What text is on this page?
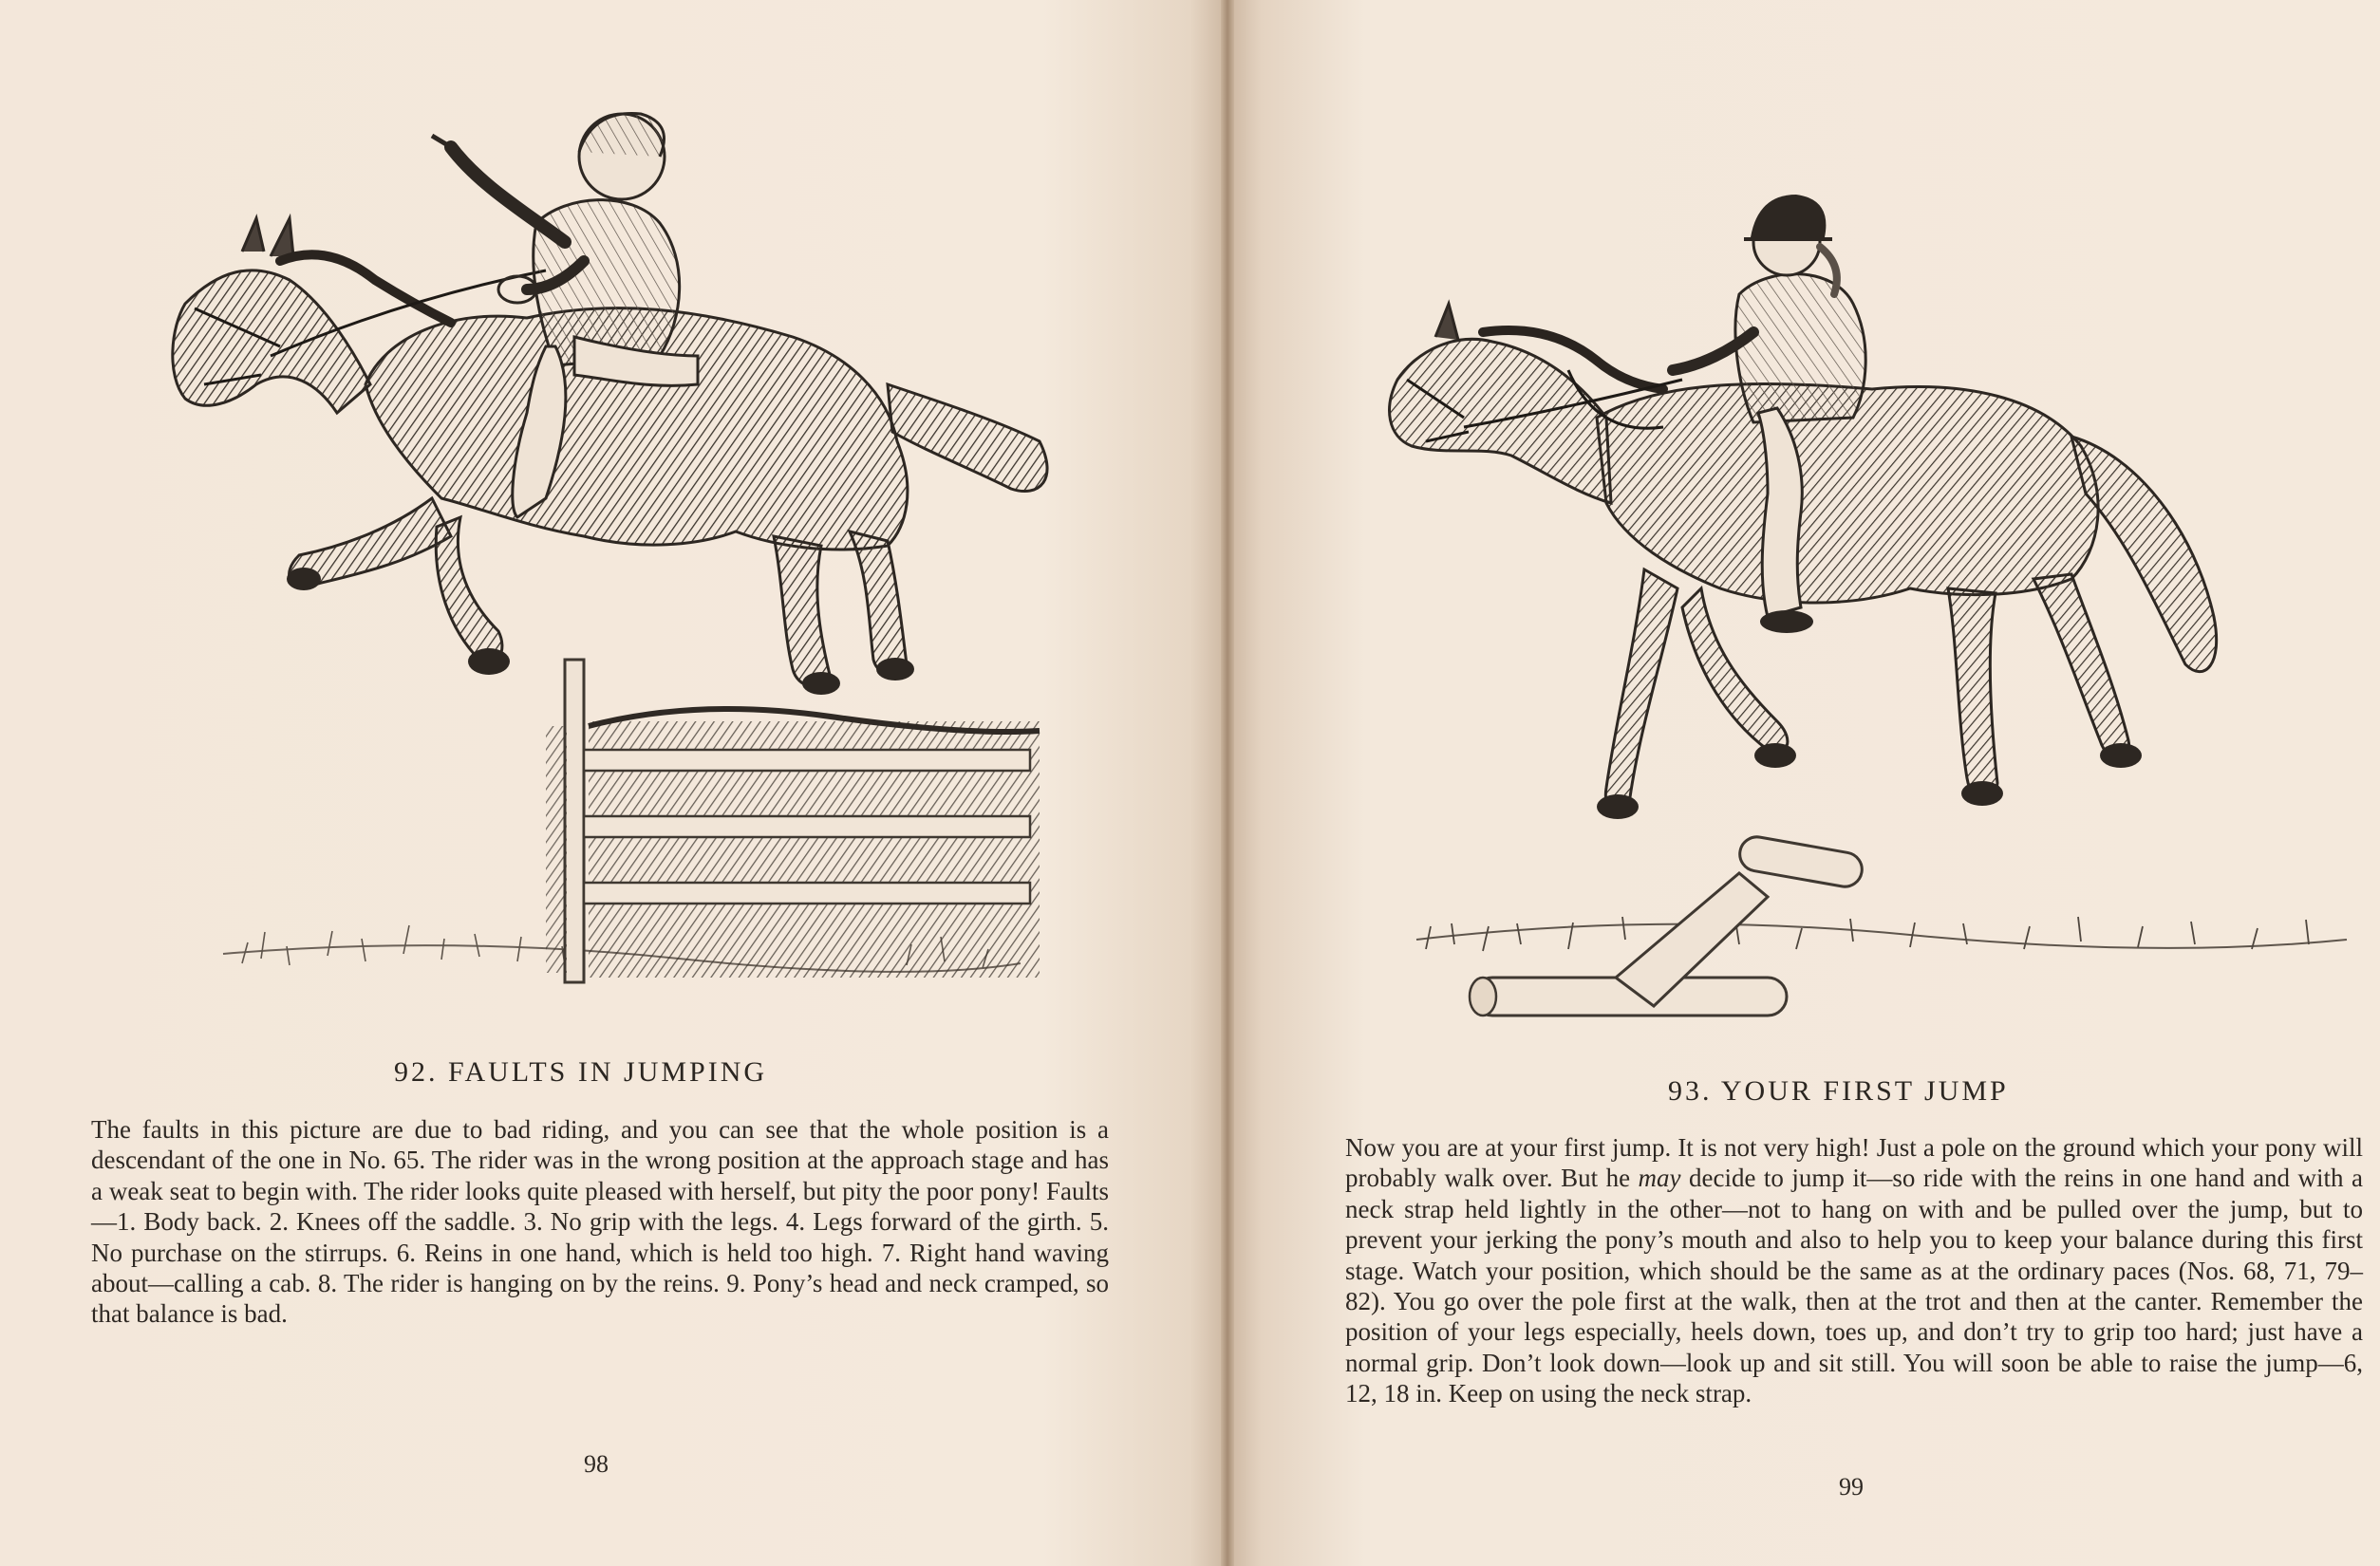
92. FAULTS IN JUMPING
The faults in this picture are due to bad riding, and you can see that the whole position is a descendant of the one in No. 65. The rider was in the wrong position at the approach stage and has a weak seat to begin with. The rider looks quite pleased with herself, but pity the poor pony! Faults—1. Body back. 2. Knees off the saddle. 3. No grip with the legs. 4. Legs forward of the girth. 5. No purchase on the stirrups. 6. Reins in one hand, which is held too high. 7. Right hand waving about—calling a cab. 8. The rider is hanging on by the reins. 9. Pony’s head and neck cramped, so that balance is bad.
98
93. YOUR FIRST JUMP
Now you are at your first jump. It is not very high! Just a pole on the ground which your pony will probably walk over. But he may decide to jump it—so ride with the reins in one hand and with a neck strap held lightly in the other—not to hang on with and be pulled over the jump, but to prevent your jerking the pony’s mouth and also to help you to keep your balance during this first stage. Watch your position, which should be the same as at the ordinary paces (Nos. 68, 71, 79–82). You go over the pole first at the walk, then at the trot and then at the canter. Remember the position of your legs especially, heels down, toes up, and don’t try to grip too hard; just have a normal grip. Don’t look down—look up and sit still. You will soon be able to raise the jump—6, 12, 18 in. Keep on using the neck strap.
99
